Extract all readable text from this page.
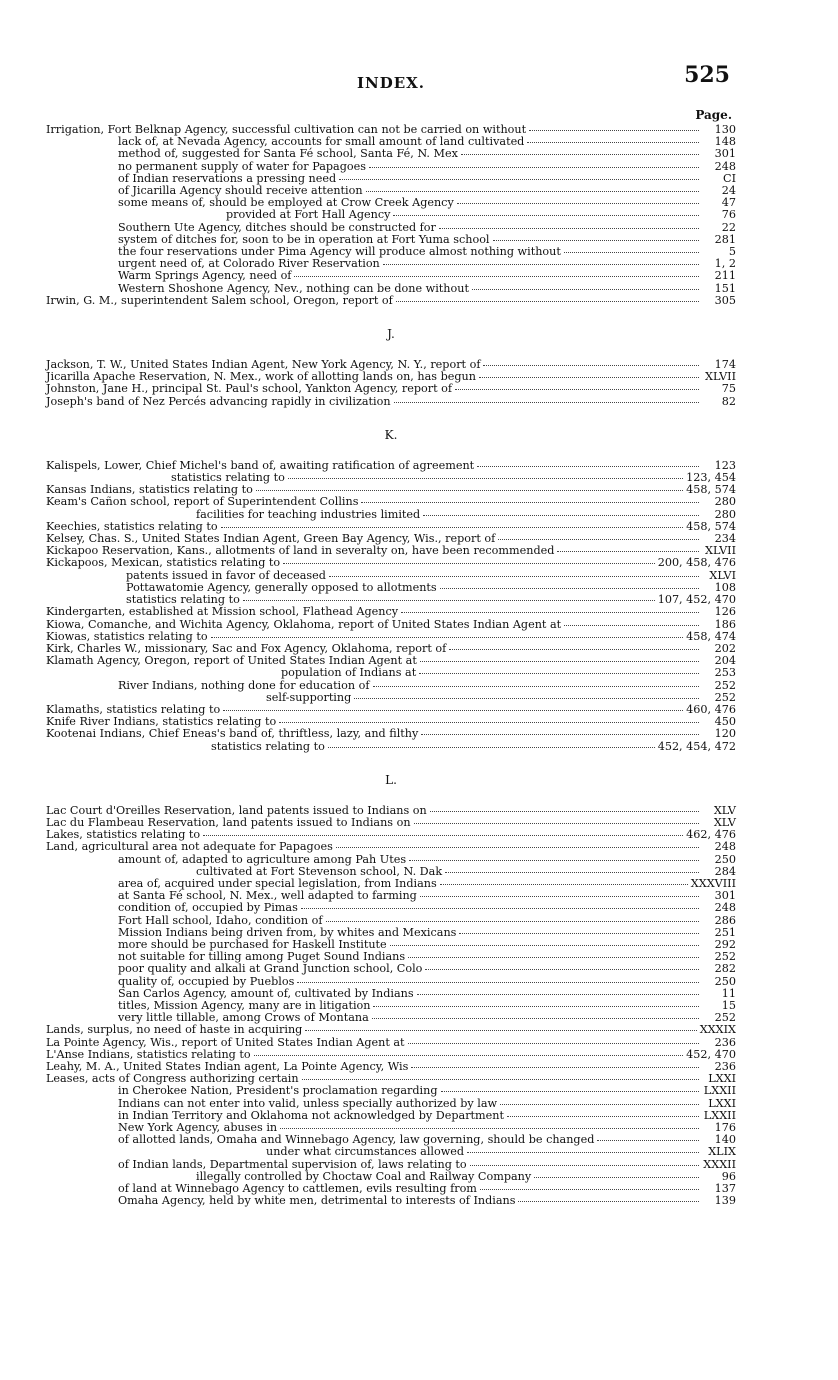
INDEX.	525
Page.
Irrigation, Fort Belknap Agency, successful cultivation can not be carried on without	130
lack of, at Nevada Agency, accounts for small amount of land cultivated	148
method of, suggested for Santa Fé school, Santa Fé, N. Mex	301
no permanent supply of water for Papagoes	248
of Indian reservations a pressing need	CI
of Jicarilla Agency should receive attention	24
some means of, should be employed at Crow Creek Agency	47
provided at Fort Hall Agency	76
Southern Ute Agency, ditches should be constructed for	22
system of ditches for, soon to be in operation at Fort Yuma school	281
the four reservations under Pima Agency will produce almost nothing without	5
urgent need of, at Colorado River Reservation	1, 2
Warm Springs Agency, need of	211
Western Shoshone Agency, Nev., nothing can be done without	151
Irwin, G. M., superintendent Salem school, Oregon, report of	305
J.
Jackson, T. W., United States Indian Agent, New York Agency, N. Y., report of	174
Jicarilla Apache Reservation, N. Mex., work of allotting lands on, has begun	XLVII
Johnston, Jane H., principal St. Paul's school, Yankton Agency, report of	75
Joseph's band of Nez Percés advancing rapidly in civilization	82
K.
Kalispels, Lower, Chief Michel's band of, awaiting ratification of agreement	123
statistics relating to	123, 454
Kansas Indians, statistics relating to	458, 574
Keam's Cañon school, report of Superintendent Collins	280
facilities for teaching industries limited	280
Keechies, statistics relating to	458, 574
Kelsey, Chas. S., United States Indian Agent, Green Bay Agency, Wis., report of	234
Kickapoo Reservation, Kans., allotments of land in severalty on, have been recommended	XLVII
Kickapoos, Mexican, statistics relating to	200, 458, 476
patents issued in favor of deceased	XLVI
Pottawatomie Agency, generally opposed to allotments	108
statistics relating to	107, 452, 470
Kindergarten, established at Mission school, Flathead Agency	126
Kiowa, Comanche, and Wichita Agency, Oklahoma, report of United States Indian Agent at	186
Kiowas, statistics relating to	458, 474
Kirk, Charles W., missionary, Sac and Fox Agency, Oklahoma, report of	202
Klamath Agency, Oregon, report of United States Indian Agent at	204
population of Indians at	253
River Indians, nothing done for education of	252
self-supporting	252
Klamaths, statistics relating to	460, 476
Knife River Indians, statistics relating to	450
Kootenai Indians, Chief Eneas's band of, thriftless, lazy, and filthy	120
statistics relating to	452, 454, 472
L.
Lac Court d'Oreilles Reservation, land patents issued to Indians on	XLV
Lac du Flambeau Reservation, land patents issued to Indians on	XLV
Lakes, statistics relating to	462, 476
Land, agricultural area not adequate for Papagoes	248
amount of, adapted to agriculture among Pah Utes	250
cultivated at Fort Stevenson school, N. Dak	284
area of, acquired under special legislation, from Indians	XXXVIII
at Santa Fé school, N. Mex., well adapted to farming	301
condition of, occupied by Pimas	248
Fort Hall school, Idaho, condition of	286
Mission Indians being driven from, by whites and Mexicans	251
more should be purchased for Haskell Institute	292
not suitable for tilling among Puget Sound Indians	252
poor quality and alkali at Grand Junction school, Colo	282
quality of, occupied by Pueblos	250
San Carlos Agency, amount of, cultivated by Indians	11
titles, Mission Agency, many are in litigation	15
very little tillable, among Crows of Montana	252
Lands, surplus, no need of haste in acquiring	XXXIX
La Pointe Agency, Wis., report of United States Indian Agent at	236
L'Anse Indians, statistics relating to	452, 470
Leahy, M. A., United States Indian agent, La Pointe Agency, Wis	236
Leases, acts of Congress authorizing certain	LXXI
in Cherokee Nation, President's proclamation regarding	LXXII
Indians can not enter into valid, unless specially authorized by law	LXXI
in Indian Territory and Oklahoma not acknowledged by Department	LXXII
New York Agency, abuses in	176
of allotted lands, Omaha and Winnebago Agency, law governing, should be changed	140
under what circumstances allowed	XLIX
of Indian lands, Departmental supervision of, laws relating to	XXXII
illegally controlled by Choctaw Coal and Railway Company	96
of land at Winnebago Agency to cattlemen, evils resulting from	137
Omaha Agency, held by white men, detrimental to interests of Indians	139
